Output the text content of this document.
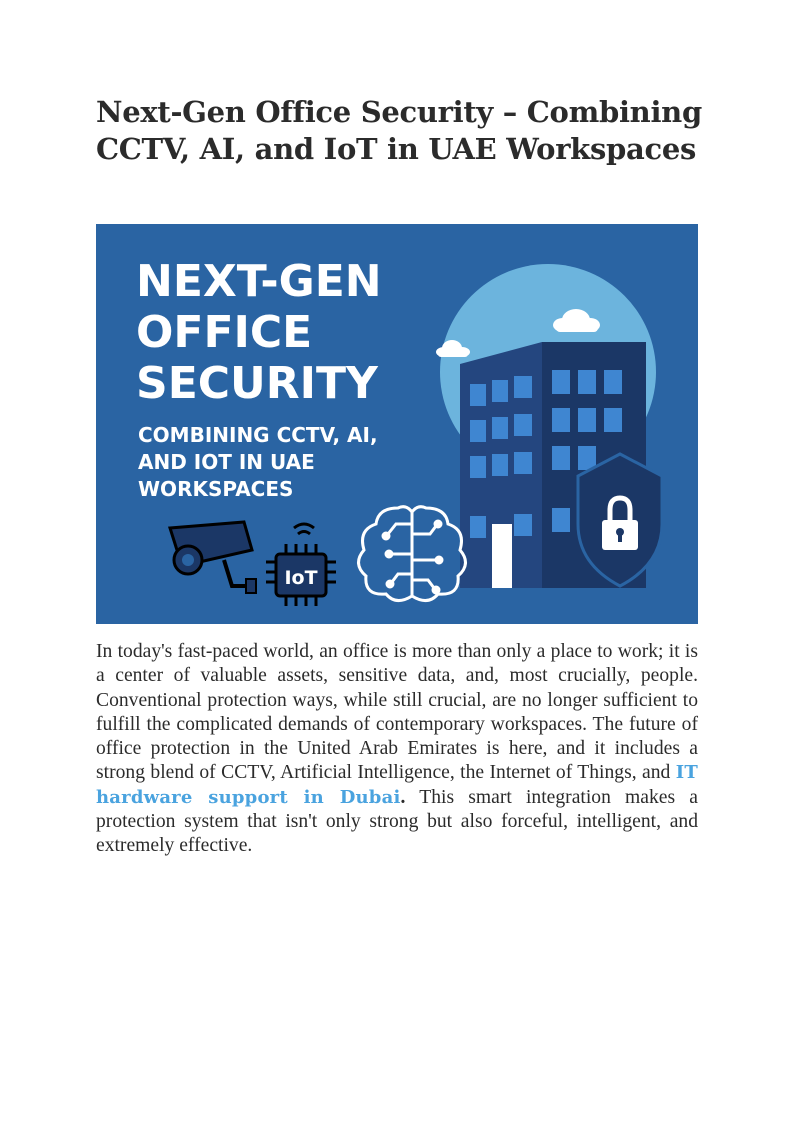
Next-Gen Office Security – Combining CCTV, AI, and IoT in UAE Workspaces
NEXT-GEN
OFFICE
SECURITY
COMBINING CCTV, AI,
AND IOT IN UAE
WORKSPACES
IoT

In today's fast-paced world, an office is more than only a place to work; it is a center of valuable assets, sensitive data, and, most crucially, people. Conventional protection ways, while still crucial, are no longer sufficient to fulfill the complicated demands of contemporary workspaces. The future of office protection in the United Arab Emirates is here, and it includes a strong blend of CCTV, Artificial Intelligence, the Internet of Things, and IT hardware support in Dubai. This smart integration makes a protection system that isn't only strong but also forceful, intelligent, and extremely effective.
